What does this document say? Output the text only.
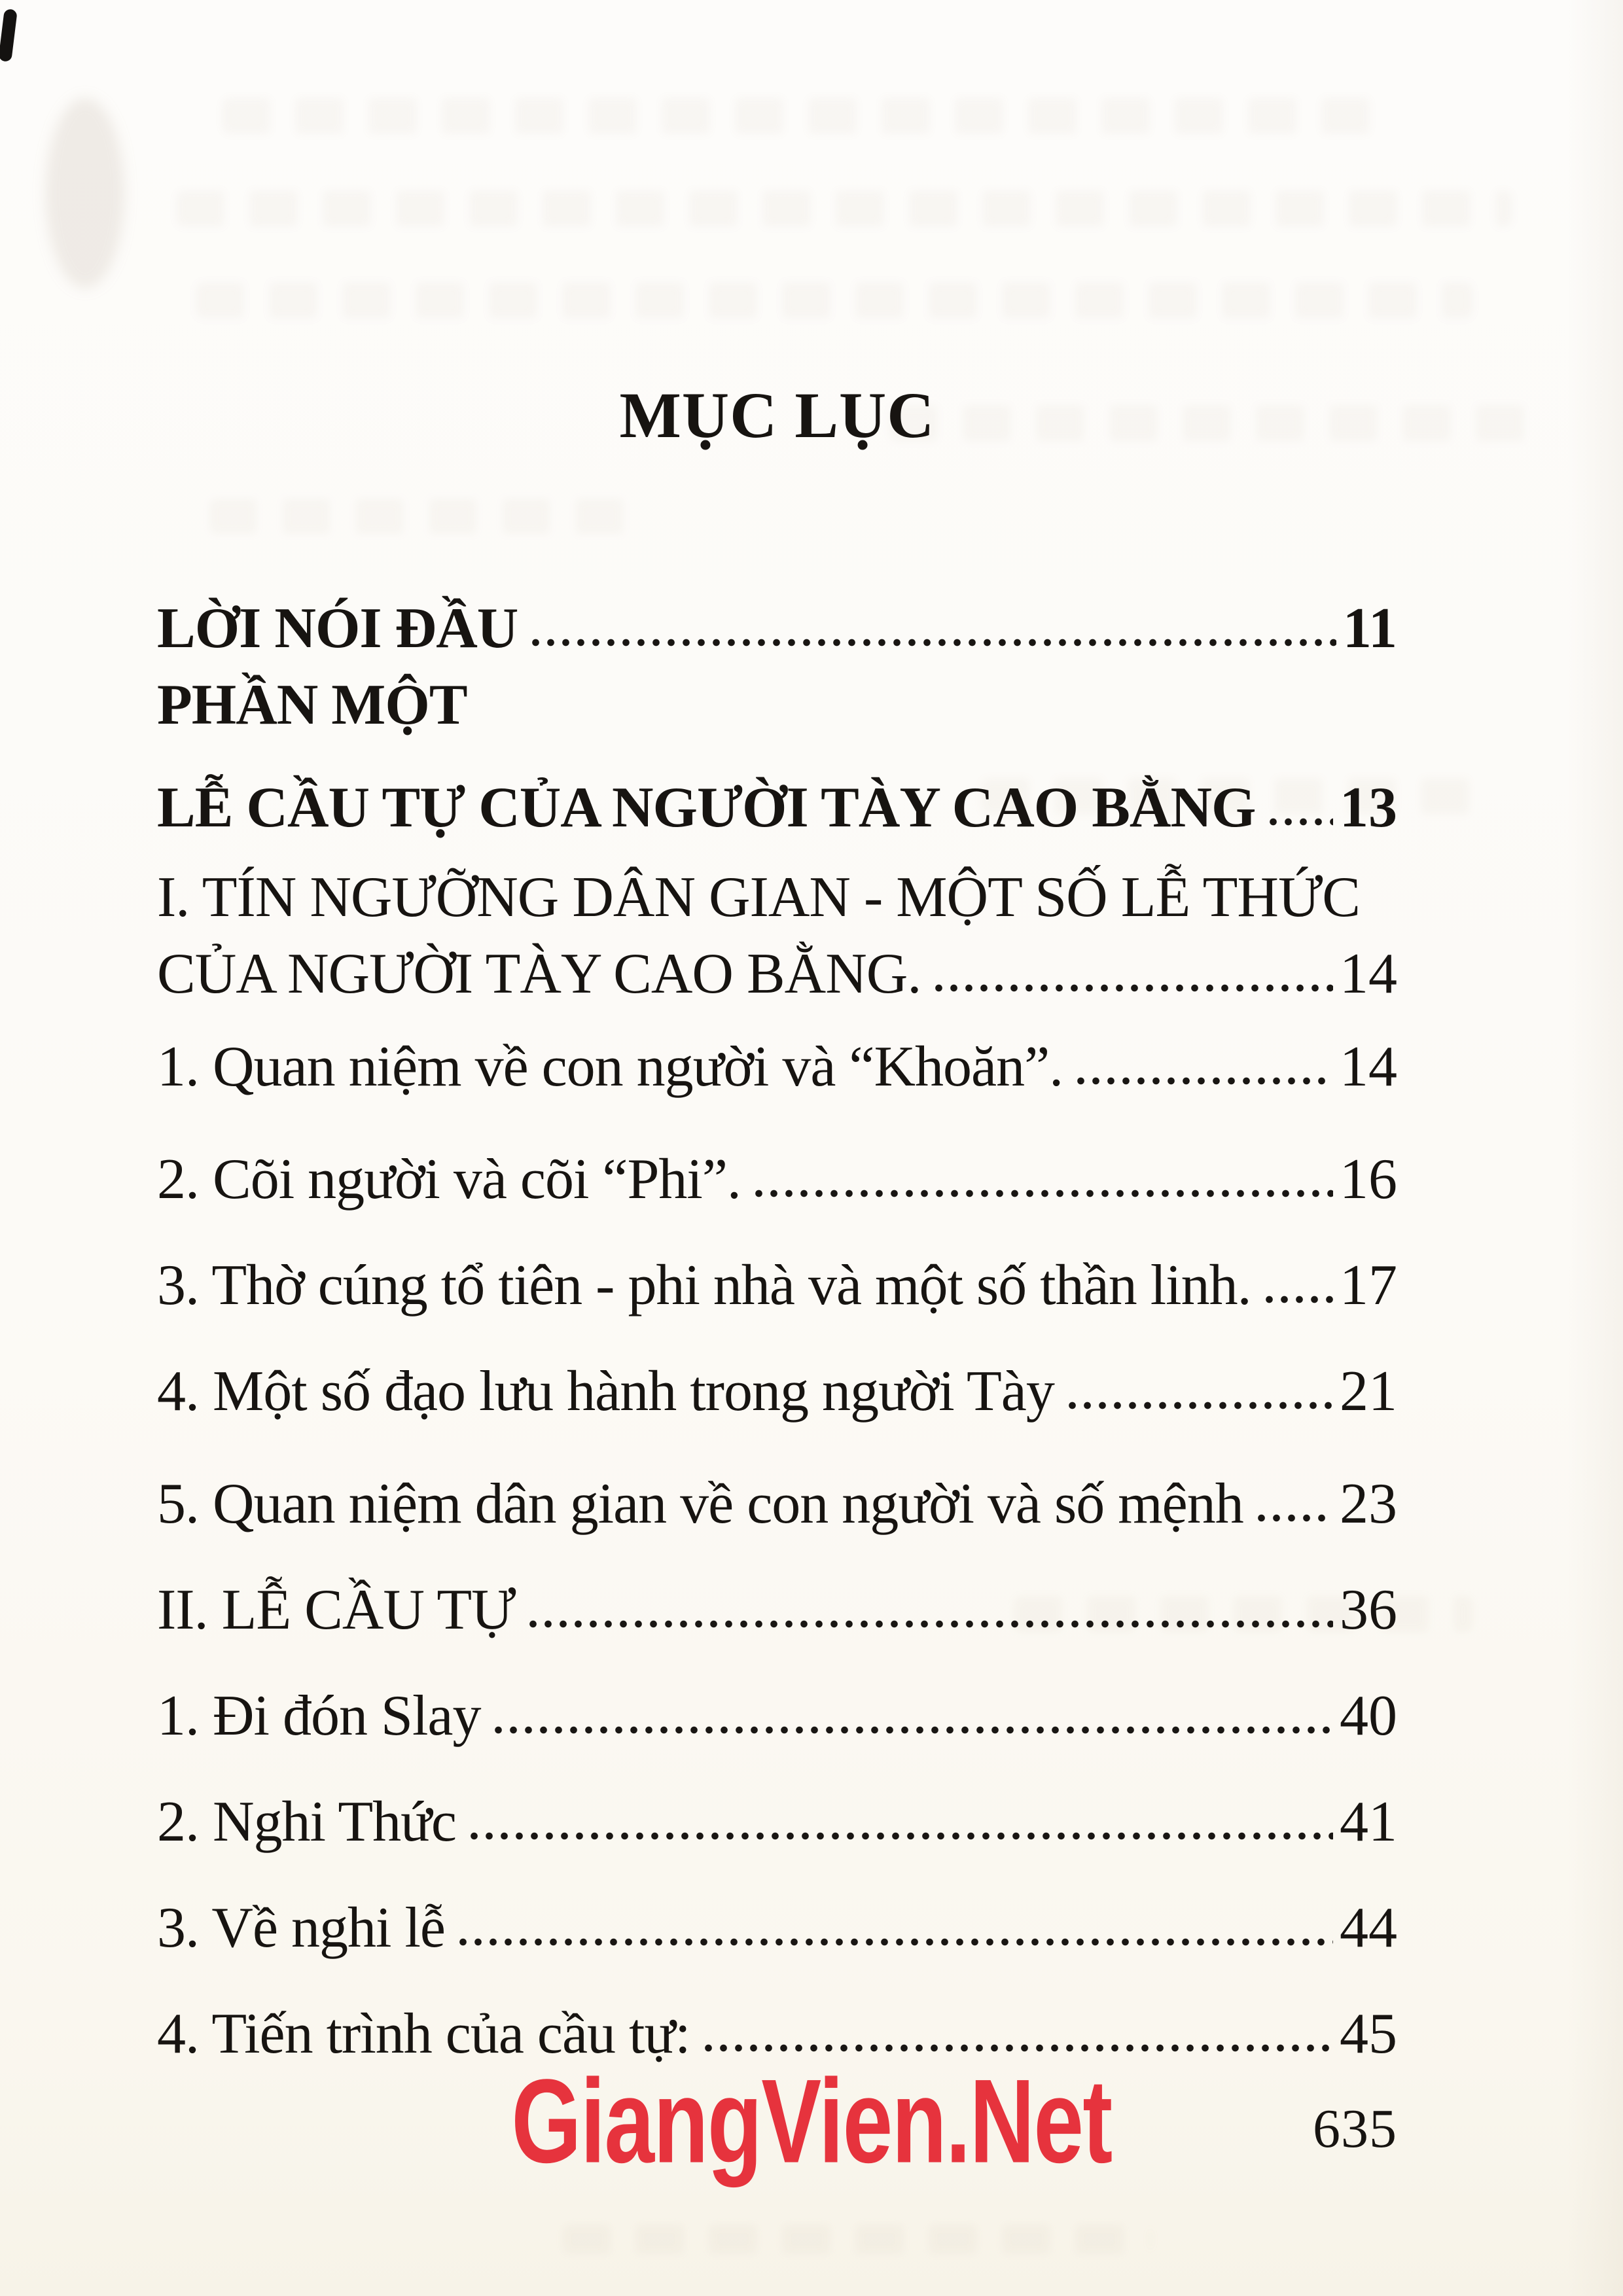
MỤC LỤC
LỜI NÓI ĐẦU	11
PHẦN MỘT
LỄ CẦU TỰ CỦA NGƯỜI TÀY CAO BẰNG 13
I. TÍN NGƯỠNG DÂN GIAN - MỘT SỐ LỄ THỨC
CỦA NGƯỜI TÀY CAO BẰNG.	14
1. Quan niệm về con người và “Khoăn”.	14
2. Cõi người và cõi “Phi”.	16
3. Thờ cúng tổ tiên - phi nhà và một số thần linh. 17
4. Một số đạo lưu hành trong người Tày	21
5. Quan niệm dân gian về con người và số mệnh 23
II. LỄ CẦU TỰ	36
1. Đi đón Slay	40
2. Nghi Thức	41
3. Về nghi lễ	44
4. Tiến trình của cầu tự:	45
GiangVien.Net	635
